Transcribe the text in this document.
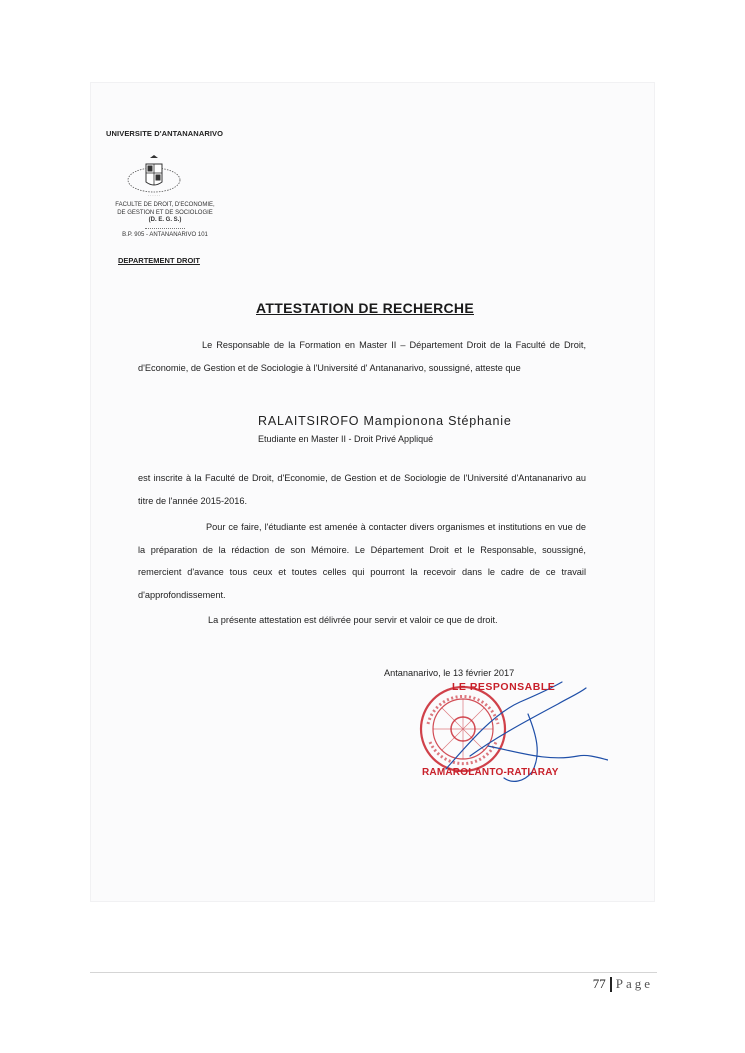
UNIVERSITE D'ANTANANARIVO
· · · · · ·
FACULTE DE DROIT, D'ECONOMIE,
DE GESTION ET DE SOCIOLOGIE
(D. E. G. S.)
B.P. 905 - ANTANANARIVO 101
DEPARTEMENT DROIT
ATTESTATION DE RECHERCHE
Le Responsable de la Formation en Master II – Département Droit de la Faculté de Droit, d'Economie, de Gestion et de Sociologie à l'Université d' Antananarivo, soussigné, atteste que
RALAITSIROFO Mampionona Stéphanie
Etudiante en Master II - Droit Privé Appliqué
est inscrite à la Faculté de Droit, d'Economie, de Gestion et de Sociologie de l'Université d'Antananarivo au titre de l'année 2015-2016.
Pour ce faire, l'étudiante est amenée à contacter divers organismes et institutions en vue de la préparation de la rédaction de son Mémoire. Le Département Droit et le Responsable, soussigné, remercient d'avance tous ceux et toutes celles qui pourront la recevoir dans le cadre de ce travail d'approfondissement.
La présente attestation est délivrée pour servir et valoir ce que de droit.
Antananarivo, le 13 février 2017
LE RESPONSABLE
RAMAROLANTO-RATIARAY
77 Page
